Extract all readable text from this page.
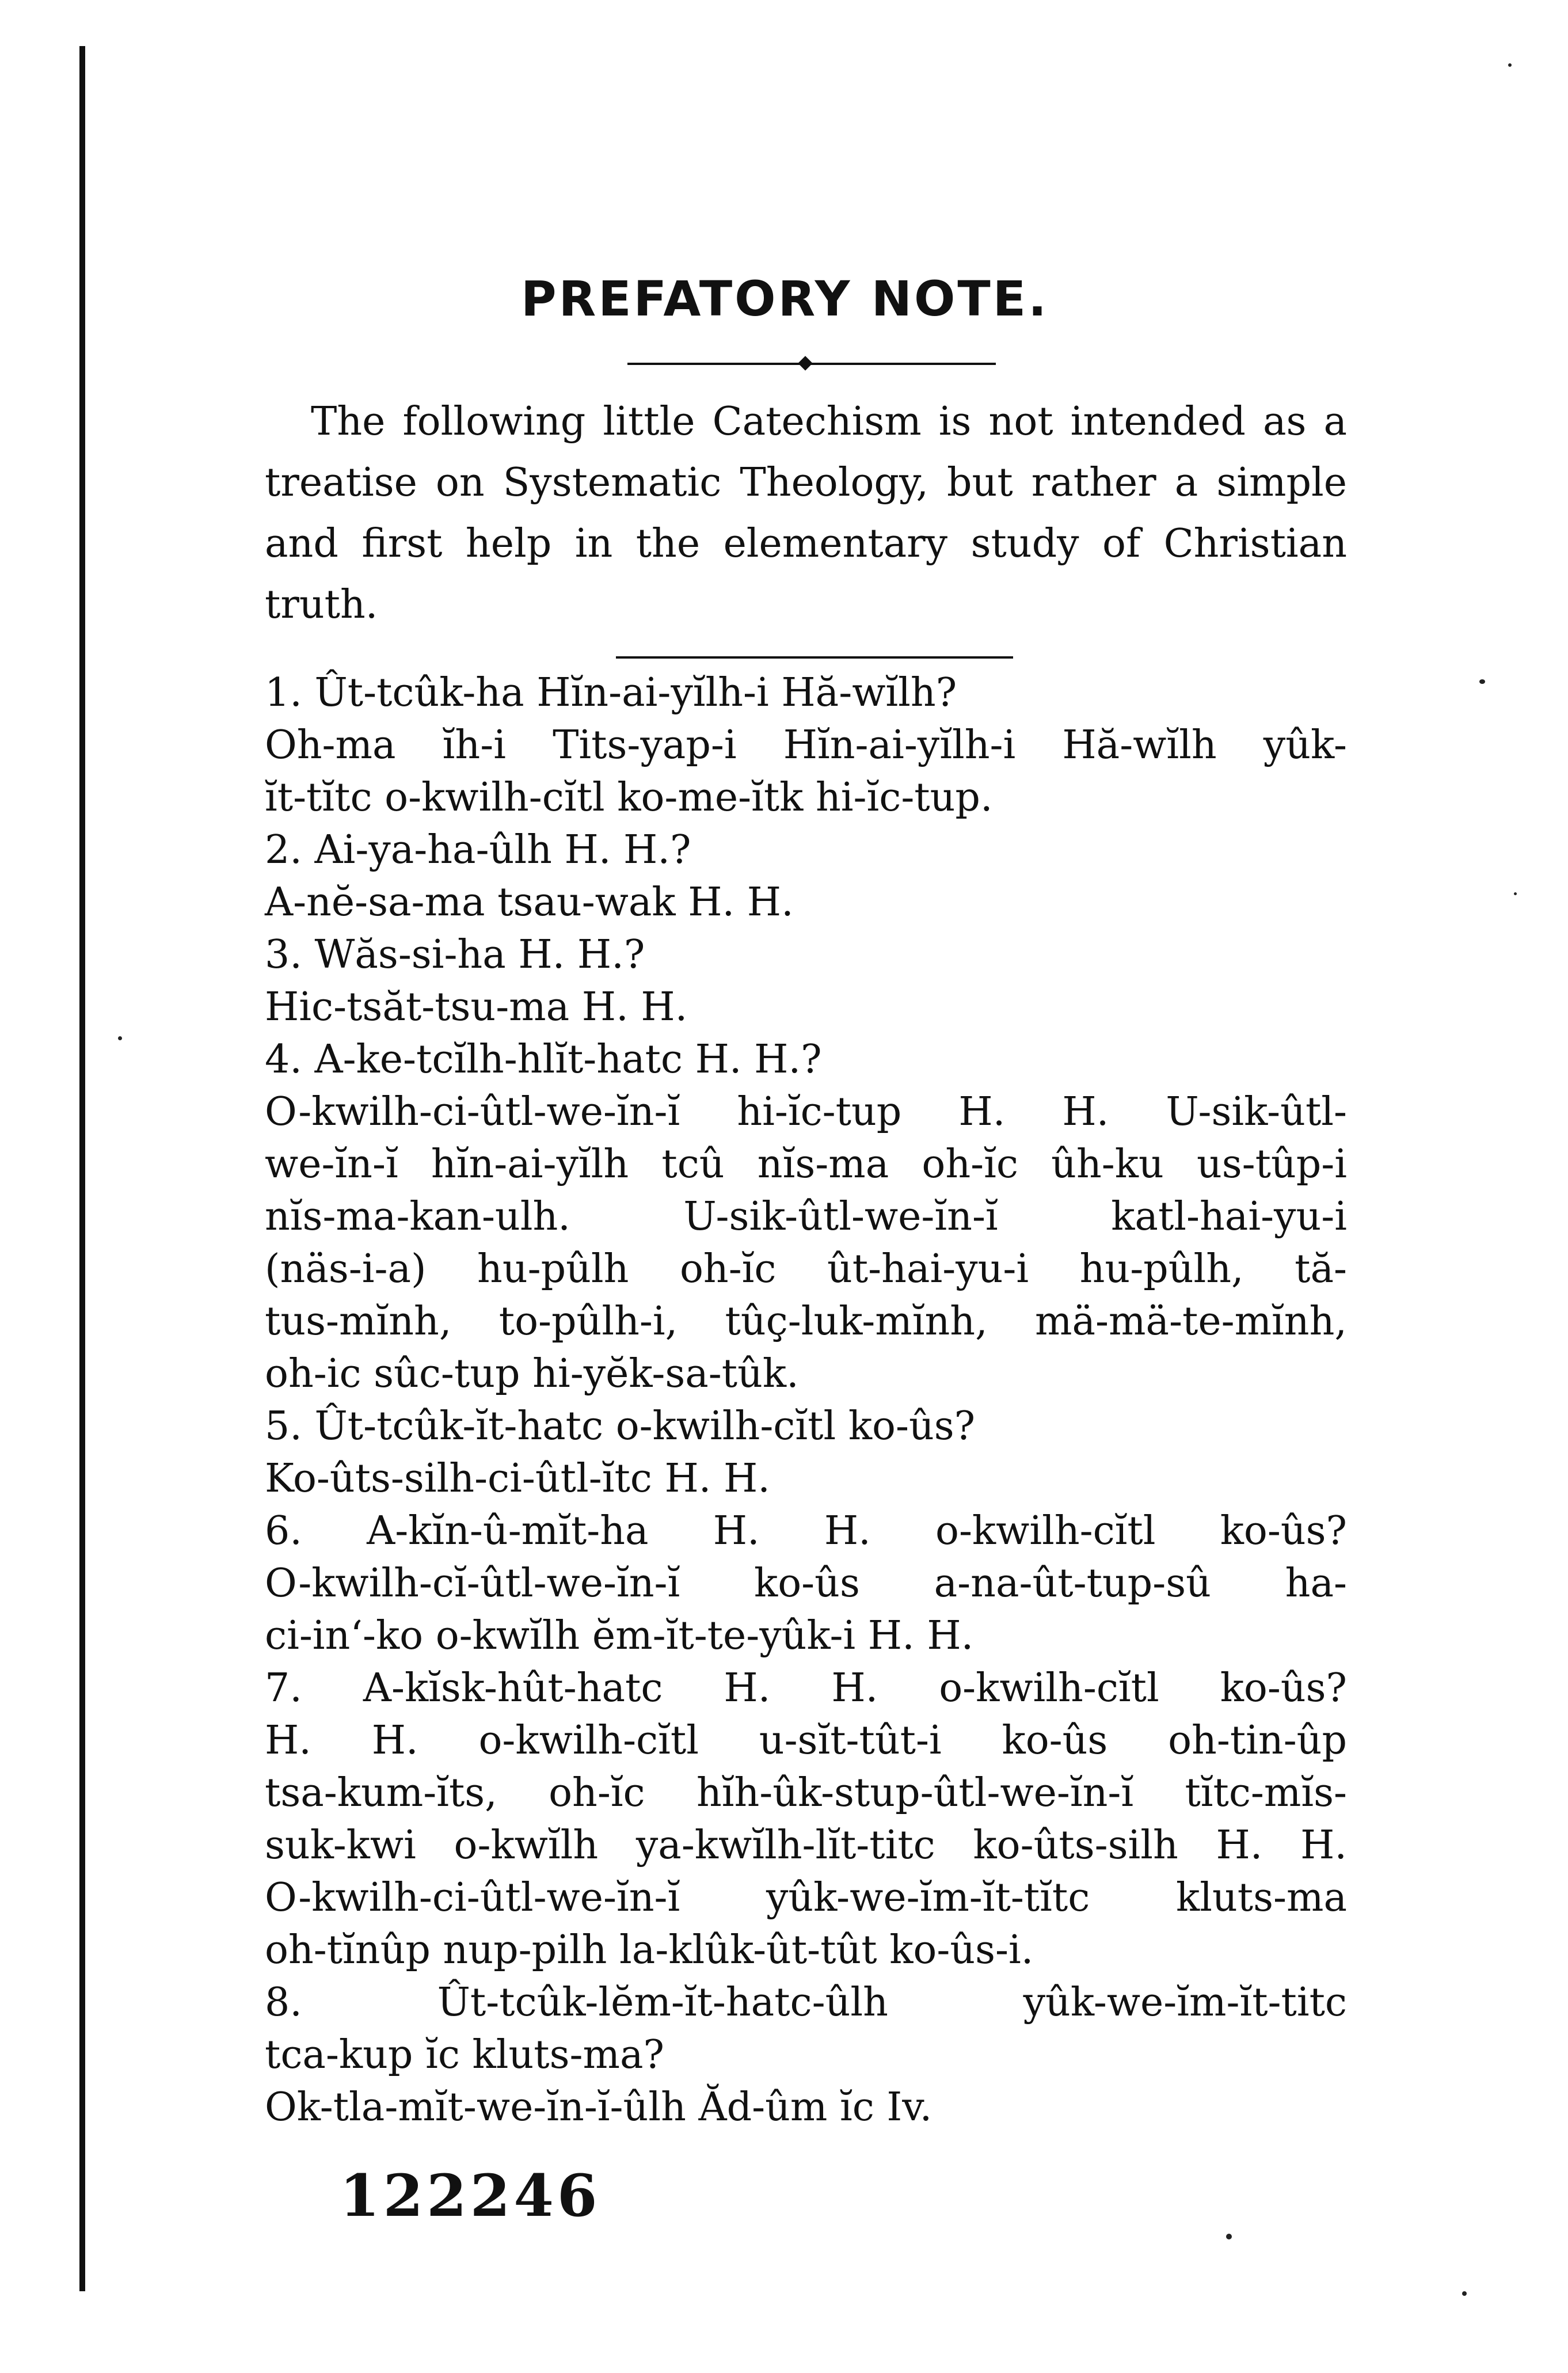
PREFATORY NOTE.

The following little Catechism is not intended as a treatise on Systematic Theology, but rather a simple and first help in the elementary study of Christian truth.

1. Ût-tcûk-ha Hĭn-ai-yĭlh-i Hă-wĭlh?

Oh-ma ĭh-i Tits-yap-i Hĭn-ai-yĭlh-i Hă-wĭlh yûk-

ĭt-tĭtc o-kwilh-cĭtl ko-me-ĭtk hi-ĭc-tup.

2. Ai-ya-ha-ûlh H. H.?

A-nĕ-sa-ma tsau-wak H. H.

3. Wăs-si-ha H. H.?

Hic-tsăt-tsu-ma H. H.

4. A-ke-tcĭlh-hlĭt-hatc H. H.?

O-kwilh-ci-ûtl-we-ĭn-ĭ hi-ĭc-tup H. H. U-sik-ûtl-

we-ĭn-ĭ hĭn-ai-yĭlh tcû nĭs-ma oh-ĭc ûh-ku us-tûp-i

nĭs-ma-kan-ulh. U-sik-ûtl-we-ĭn-ĭ katl-hai-yu-i

(näs-i-a) hu-pûlh oh-ĭc ût-hai-yu-i hu-pûlh, tă-

tus-mĭnh, to-pûlh-i, tûç-luk-mĭnh, mä-mä-te-mĭnh,

oh-ic sûc-tup hi-yĕk-sa-tûk.

5. Ût-tcûk-ĭt-hatc o-kwilh-cĭtl ko-ûs?

Ko-ûts-silh-ci-ûtl-ĭtc H. H.

6. A-kĭn-û-mĭt-ha H. H. o-kwilh-cĭtl ko-ûs?

O-kwilh-cĭ-ûtl-we-ĭn-ĭ ko-ûs a-na-ût-tup-sû ha-

ci-inʻ-ko o-kwĭlh ĕm-ĭt-te-yûk-i H. H.

7. A-kĭsk-hût-hatc H. H. o-kwilh-cĭtl ko-ûs?

H. H. o-kwilh-cĭtl u-sĭt-tût-i ko-ûs oh-tin-ûp

tsa-kum-ĭts, oh-ĭc hĭh-ûk-stup-ûtl-we-ĭn-ĭ tĭtc-mĭs-

suk-kwi o-kwĭlh ya-kwĭlh-lĭt-titc ko-ûts-silh H. H.

O-kwilh-ci-ûtl-we-ĭn-ĭ yûk-we-ĭm-ĭt-tĭtc kluts-ma

oh-tĭnûp nup-pilh la-klûk-ût-tût ko-ûs-i.

8. Ût-tcûk-lĕm-ĭt-hatc-ûlh yûk-we-ĭm-ĭt-titc

tca-kup ĭc kluts-ma?

Ok-tla-mĭt-we-ĭn-ĭ-ûlh Ăd-ûm ĭc Iv.

122246
